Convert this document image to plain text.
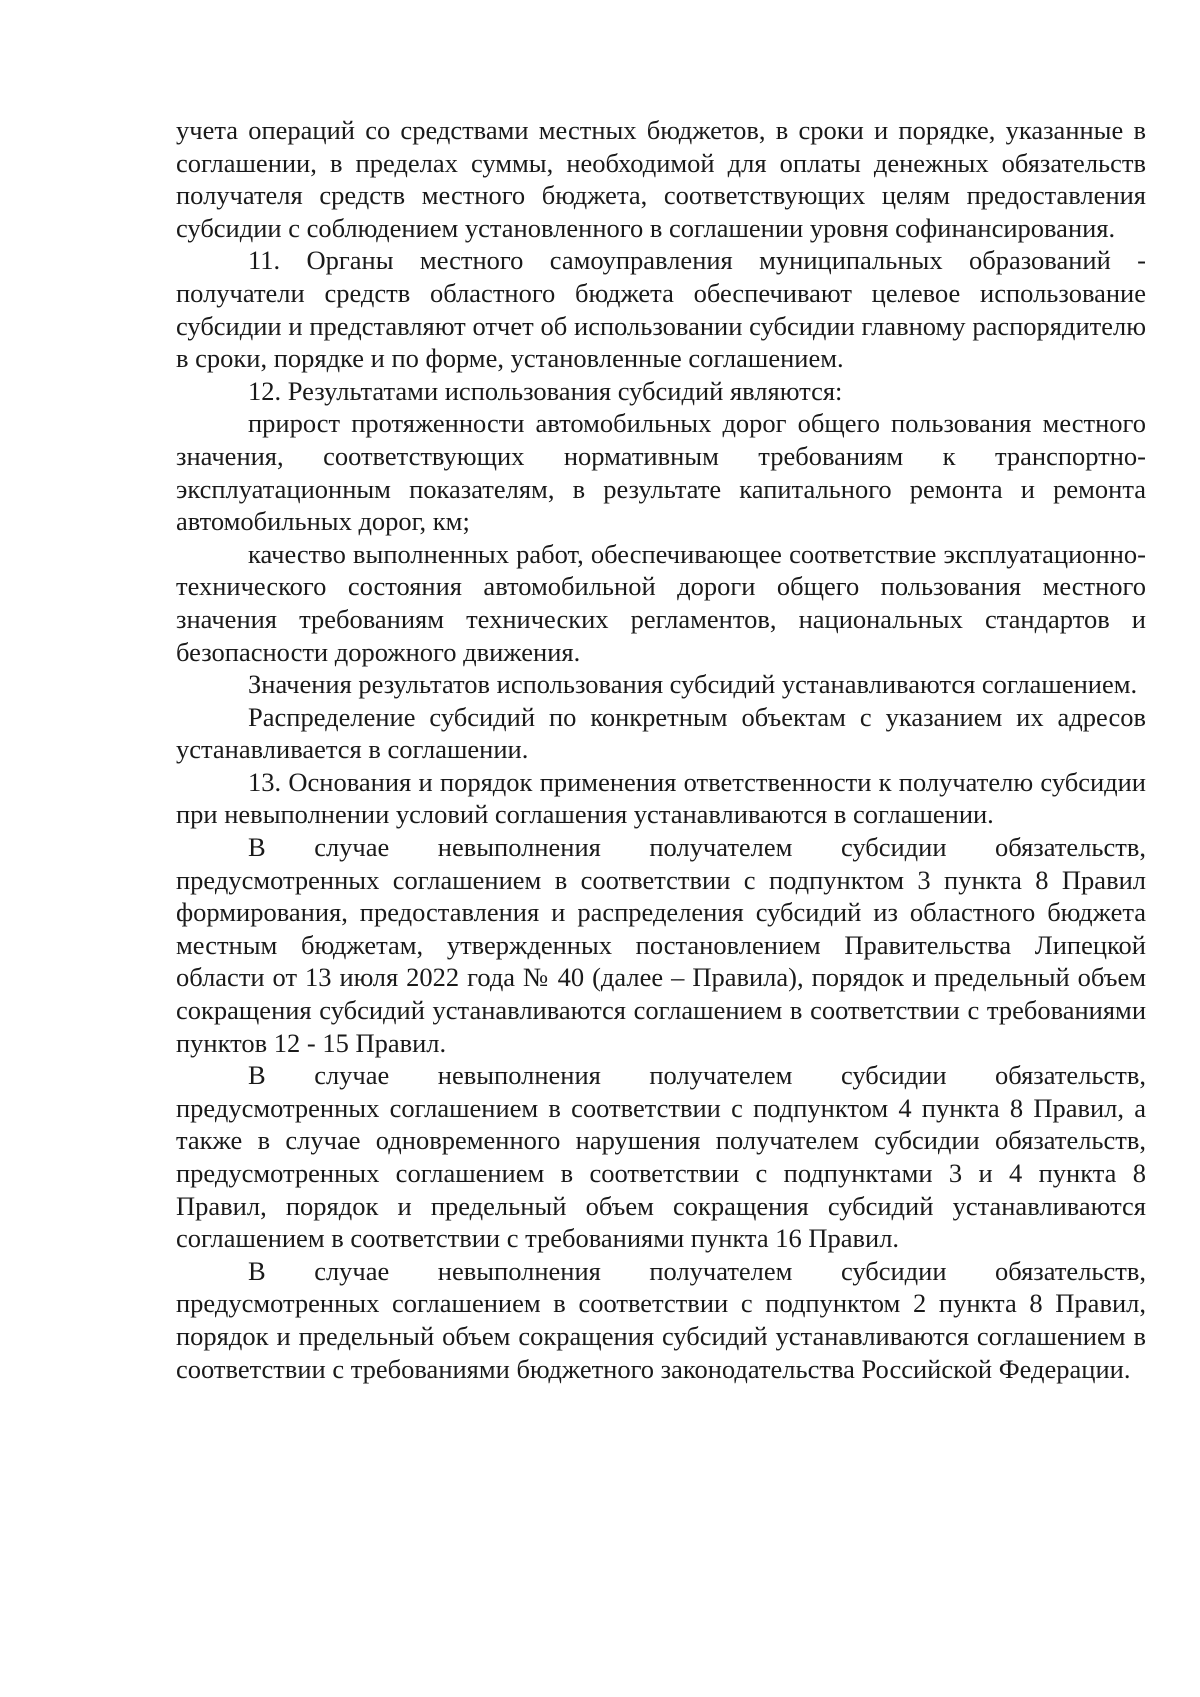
учета операций со средствами местных бюджетов, в сроки и порядке, указанные в соглашении, в пределах суммы, необходимой для оплаты денежных обязательств получателя средств местного бюджета, соответствующих целям предоставления субсидии с соблюдением установленного в соглашении уровня софинансирования.

11. Органы местного самоуправления муниципальных образований - получатели средств областного бюджета обеспечивают целевое использование субсидии и представляют отчет об использовании субсидии главному распорядителю в сроки, порядке и по форме, установленные соглашением.

12. Результатами использования субсидий являются:

прирост протяженности автомобильных дорог общего пользования местного значения, соответствующих нормативным требованиям к транспортно-эксплуатационным показателям, в результате капитального ремонта и ремонта автомобильных дорог, км;

качество выполненных работ, обеспечивающее соответствие эксплуатационно-технического состояния автомобильной дороги общего пользования местного значения требованиям технических регламентов, национальных стандартов и безопасности дорожного движения.

Значения результатов использования субсидий устанавливаются соглашением.

Распределение субсидий по конкретным объектам с указанием их адресов устанавливается в соглашении.

13. Основания и порядок применения ответственности к получателю субсидии при невыполнении условий соглашения устанавливаются в соглашении.

В случае невыполнения получателем субсидии обязательств, предусмотренных соглашением в соответствии с подпунктом 3 пункта 8 Правил формирования, предоставления и распределения субсидий из областного бюджета местным бюджетам, утвержденных постановлением Правительства Липецкой области от 13 июля 2022 года № 40 (далее – Правила), порядок и предельный объем сокращения субсидий устанавливаются соглашением в соответствии с требованиями пунктов 12 - 15 Правил.

В случае невыполнения получателем субсидии обязательств, предусмотренных соглашением в соответствии с подпунктом 4 пункта 8 Правил, а также в случае одновременного нарушения получателем субсидии обязательств, предусмотренных соглашением в соответствии с подпунктами 3 и 4 пункта 8 Правил, порядок и предельный объем сокращения субсидий устанавливаются соглашением в соответствии с требованиями пункта 16 Правил.

В случае невыполнения получателем субсидии обязательств, предусмотренных соглашением в соответствии с подпунктом 2 пункта 8 Правил, порядок и предельный объем сокращения субсидий устанавливаются соглашением в соответствии с требованиями бюджетного законодательства Российской Федерации.
